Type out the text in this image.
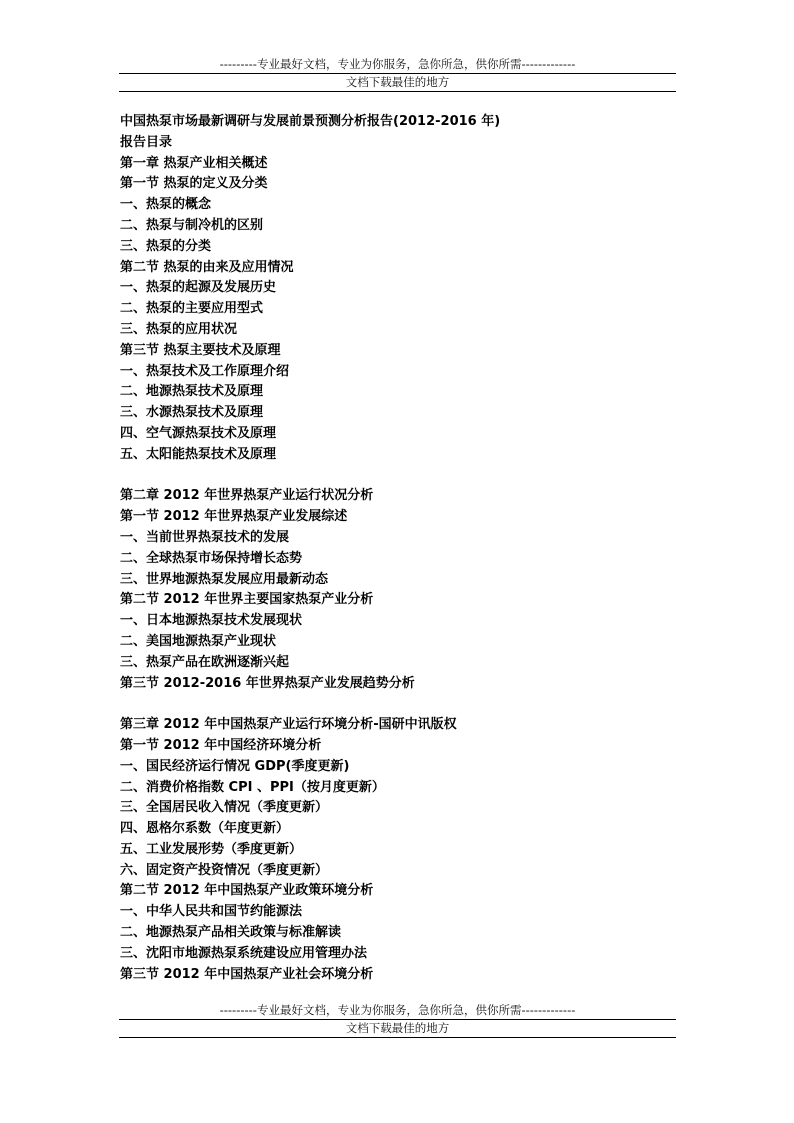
---------专业最好文档，专业为你服务，急你所急，供你所需-------------
文档下载最佳的地方
中国热泵市场最新调研与发展前景预测分析报告(2012-2016 年)
报告目录
第一章 热泵产业相关概述
第一节 热泵的定义及分类
一、热泵的概念
二、热泵与制冷机的区别
三、热泵的分类
第二节 热泵的由来及应用情况
一、热泵的起源及发展历史
二、热泵的主要应用型式
三、热泵的应用状况
第三节 热泵主要技术及原理
一、热泵技术及工作原理介绍
二、地源热泵技术及原理
三、水源热泵技术及原理
四、空气源热泵技术及原理
五、太阳能热泵技术及原理
第二章 2012 年世界热泵产业运行状况分析
第一节 2012 年世界热泵产业发展综述
一、当前世界热泵技术的发展
二、全球热泵市场保持增长态势
三、世界地源热泵发展应用最新动态
第二节 2012 年世界主要国家热泵产业分析
一、日本地源热泵技术发展现状
二、美国地源热泵产业现状
三、热泵产品在欧洲逐渐兴起
第三节 2012-2016 年世界热泵产业发展趋势分析
第三章 2012 年中国热泵产业运行环境分析-国研中讯版权
第一节 2012 年中国经济环境分析
一、国民经济运行情况 GDP(季度更新)
二、消费价格指数 CPI 、PPI（按月度更新）
三、全国居民收入情况（季度更新）
四、恩格尔系数（年度更新）
五、工业发展形势（季度更新）
六、固定资产投资情况（季度更新）
第二节 2012 年中国热泵产业政策环境分析
一、中华人民共和国节约能源法
二、地源热泵产品相关政策与标准解读
三、沈阳市地源热泵系统建设应用管理办法
第三节 2012 年中国热泵产业社会环境分析
---------专业最好文档，专业为你服务，急你所急，供你所需-------------
文档下载最佳的地方
